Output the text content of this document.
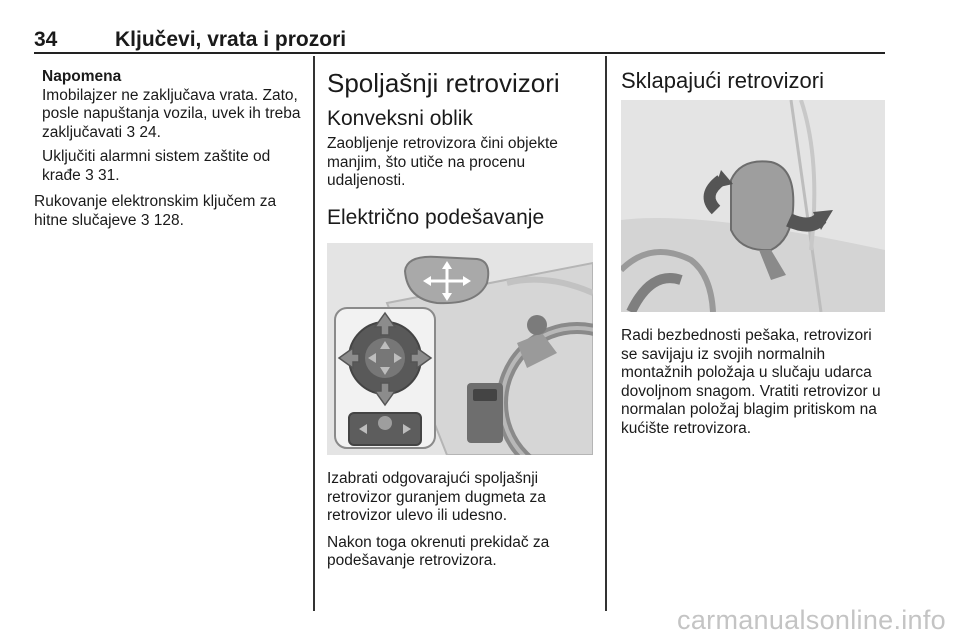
34	Ključevi, vrata i prozori

Napomena

Imobilajzer ne zaključava vrata. Zato, posle napuštanja vozila, uvek ih treba zaključavati 3 24.

Uključiti alarmni sistem zaštite od krađe 3 31.

Rukovanje elektronskim ključem za hitne slučajeve 3 128.

Spoljašnji retrovizori

Konveksni oblik

Zaobljenje retrovizora čini objekte manjim, što utiče na procenu udaljenosti.

Električno podešavanje

Izabrati odgovarajući spoljašnji retrovizor guranjem dugmeta za retrovizor ulevo ili udesno.

Nakon toga okrenuti prekidač za podešavanje retrovizora.

Sklapajući retrovizori

Radi bezbednosti pešaka, retrovizori se savijaju iz svojih normalnih montažnih položaja u slučaju udarca dovoljnom snagom. Vratiti retrovizor u normalan položaj blagim pritiskom na kućište retrovizora.

carmanualsonline.info
